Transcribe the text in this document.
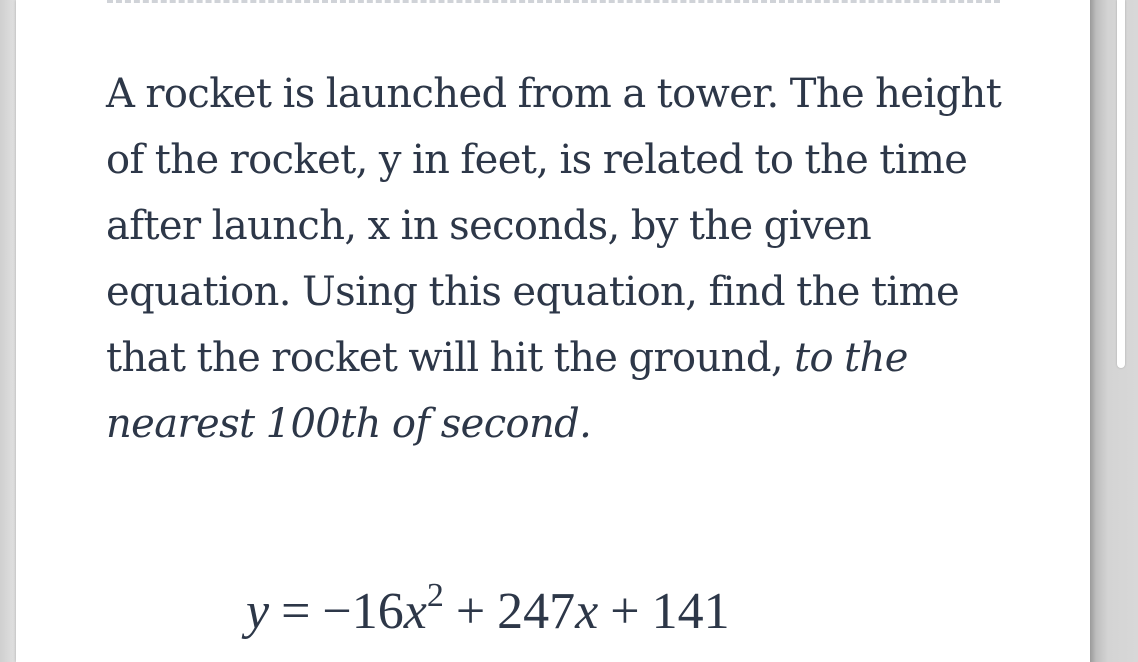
A rocket is launched from a tower. The height of the rocket, y in feet, is related to the time after launch, x in seconds, by the given equation. Using this equation, find the time that the rocket will hit the ground, to the nearest 100th of second.

$y = -16x^2 + 247x + 141$
